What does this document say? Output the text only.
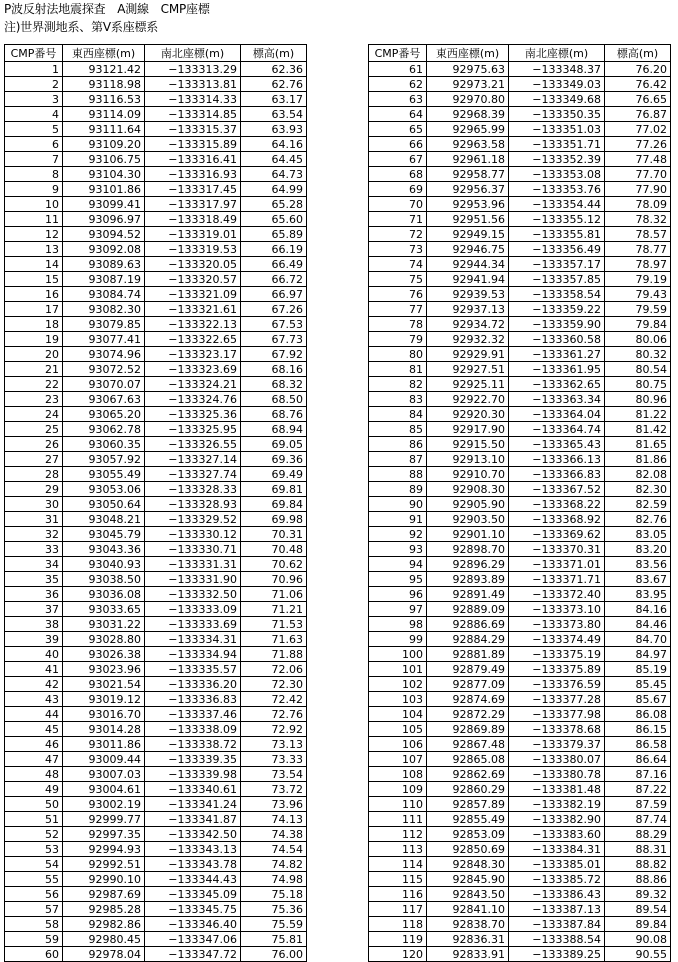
P波反射法地震探査　A測線　CMP座標
注)世界測地系、第Ⅴ系座標系
CMP番号	東西座標(m)	南北座標(m)	標高(m)
1	93121.42	−133313.29	62.36
2	93118.98	−133313.81	62.76
3	93116.53	−133314.33	63.17
4	93114.09	−133314.85	63.54
5	93111.64	−133315.37	63.93
6	93109.20	−133315.89	64.16
7	93106.75	−133316.41	64.45
8	93104.30	−133316.93	64.73
9	93101.86	−133317.45	64.99
10	93099.41	−133317.97	65.28
11	93096.97	−133318.49	65.60
12	93094.52	−133319.01	65.89
13	93092.08	−133319.53	66.19
14	93089.63	−133320.05	66.49
15	93087.19	−133320.57	66.72
16	93084.74	−133321.09	66.97
17	93082.30	−133321.61	67.26
18	93079.85	−133322.13	67.53
19	93077.41	−133322.65	67.73
20	93074.96	−133323.17	67.92
21	93072.52	−133323.69	68.16
22	93070.07	−133324.21	68.32
23	93067.63	−133324.76	68.50
24	93065.20	−133325.36	68.76
25	93062.78	−133325.95	68.94
26	93060.35	−133326.55	69.05
27	93057.92	−133327.14	69.36
28	93055.49	−133327.74	69.49
29	93053.06	−133328.33	69.81
30	93050.64	−133328.93	69.84
31	93048.21	−133329.52	69.98
32	93045.79	−133330.12	70.31
33	93043.36	−133330.71	70.48
34	93040.93	−133331.31	70.62
35	93038.50	−133331.90	70.96
36	93036.08	−133332.50	71.06
37	93033.65	−133333.09	71.21
38	93031.22	−133333.69	71.53
39	93028.80	−133334.31	71.63
40	93026.38	−133334.94	71.88
41	93023.96	−133335.57	72.06
42	93021.54	−133336.20	72.30
43	93019.12	−133336.83	72.42
44	93016.70	−133337.46	72.76
45	93014.28	−133338.09	72.92
46	93011.86	−133338.72	73.13
47	93009.44	−133339.35	73.33
48	93007.03	−133339.98	73.54
49	93004.61	−133340.61	73.72
50	93002.19	−133341.24	73.96
51	92999.77	−133341.87	74.13
52	92997.35	−133342.50	74.38
53	92994.93	−133343.13	74.54
54	92992.51	−133343.78	74.82
55	92990.10	−133344.43	74.98
56	92987.69	−133345.09	75.18
57	92985.28	−133345.75	75.36
58	92982.86	−133346.40	75.59
59	92980.45	−133347.06	75.81
60	92978.04	−133347.72	76.00
CMP番号	東西座標(m)	南北座標(m)	標高(m)
61	92975.63	−133348.37	76.20
62	92973.21	−133349.03	76.42
63	92970.80	−133349.68	76.65
64	92968.39	−133350.35	76.87
65	92965.99	−133351.03	77.02
66	92963.58	−133351.71	77.26
67	92961.18	−133352.39	77.48
68	92958.77	−133353.08	77.70
69	92956.37	−133353.76	77.90
70	92953.96	−133354.44	78.09
71	92951.56	−133355.12	78.32
72	92949.15	−133355.81	78.57
73	92946.75	−133356.49	78.77
74	92944.34	−133357.17	78.97
75	92941.94	−133357.85	79.19
76	92939.53	−133358.54	79.43
77	92937.13	−133359.22	79.59
78	92934.72	−133359.90	79.84
79	92932.32	−133360.58	80.06
80	92929.91	−133361.27	80.32
81	92927.51	−133361.95	80.54
82	92925.11	−133362.65	80.75
83	92922.70	−133363.34	80.96
84	92920.30	−133364.04	81.22
85	92917.90	−133364.74	81.42
86	92915.50	−133365.43	81.65
87	92913.10	−133366.13	81.86
88	92910.70	−133366.83	82.08
89	92908.30	−133367.52	82.30
90	92905.90	−133368.22	82.59
91	92903.50	−133368.92	82.76
92	92901.10	−133369.62	83.05
93	92898.70	−133370.31	83.20
94	92896.29	−133371.01	83.56
95	92893.89	−133371.71	83.67
96	92891.49	−133372.40	83.95
97	92889.09	−133373.10	84.16
98	92886.69	−133373.80	84.46
99	92884.29	−133374.49	84.70
100	92881.89	−133375.19	84.97
101	92879.49	−133375.89	85.19
102	92877.09	−133376.59	85.45
103	92874.69	−133377.28	85.67
104	92872.29	−133377.98	86.08
105	92869.89	−133378.68	86.15
106	92867.48	−133379.37	86.58
107	92865.08	−133380.07	86.64
108	92862.69	−133380.78	87.16
109	92860.29	−133381.48	87.22
110	92857.89	−133382.19	87.59
111	92855.49	−133382.90	87.74
112	92853.09	−133383.60	88.29
113	92850.69	−133384.31	88.31
114	92848.30	−133385.01	88.82
115	92845.90	−133385.72	88.86
116	92843.50	−133386.43	89.32
117	92841.10	−133387.13	89.54
118	92838.70	−133387.84	89.84
119	92836.31	−133388.54	90.08
120	92833.91	−133389.25	90.55
